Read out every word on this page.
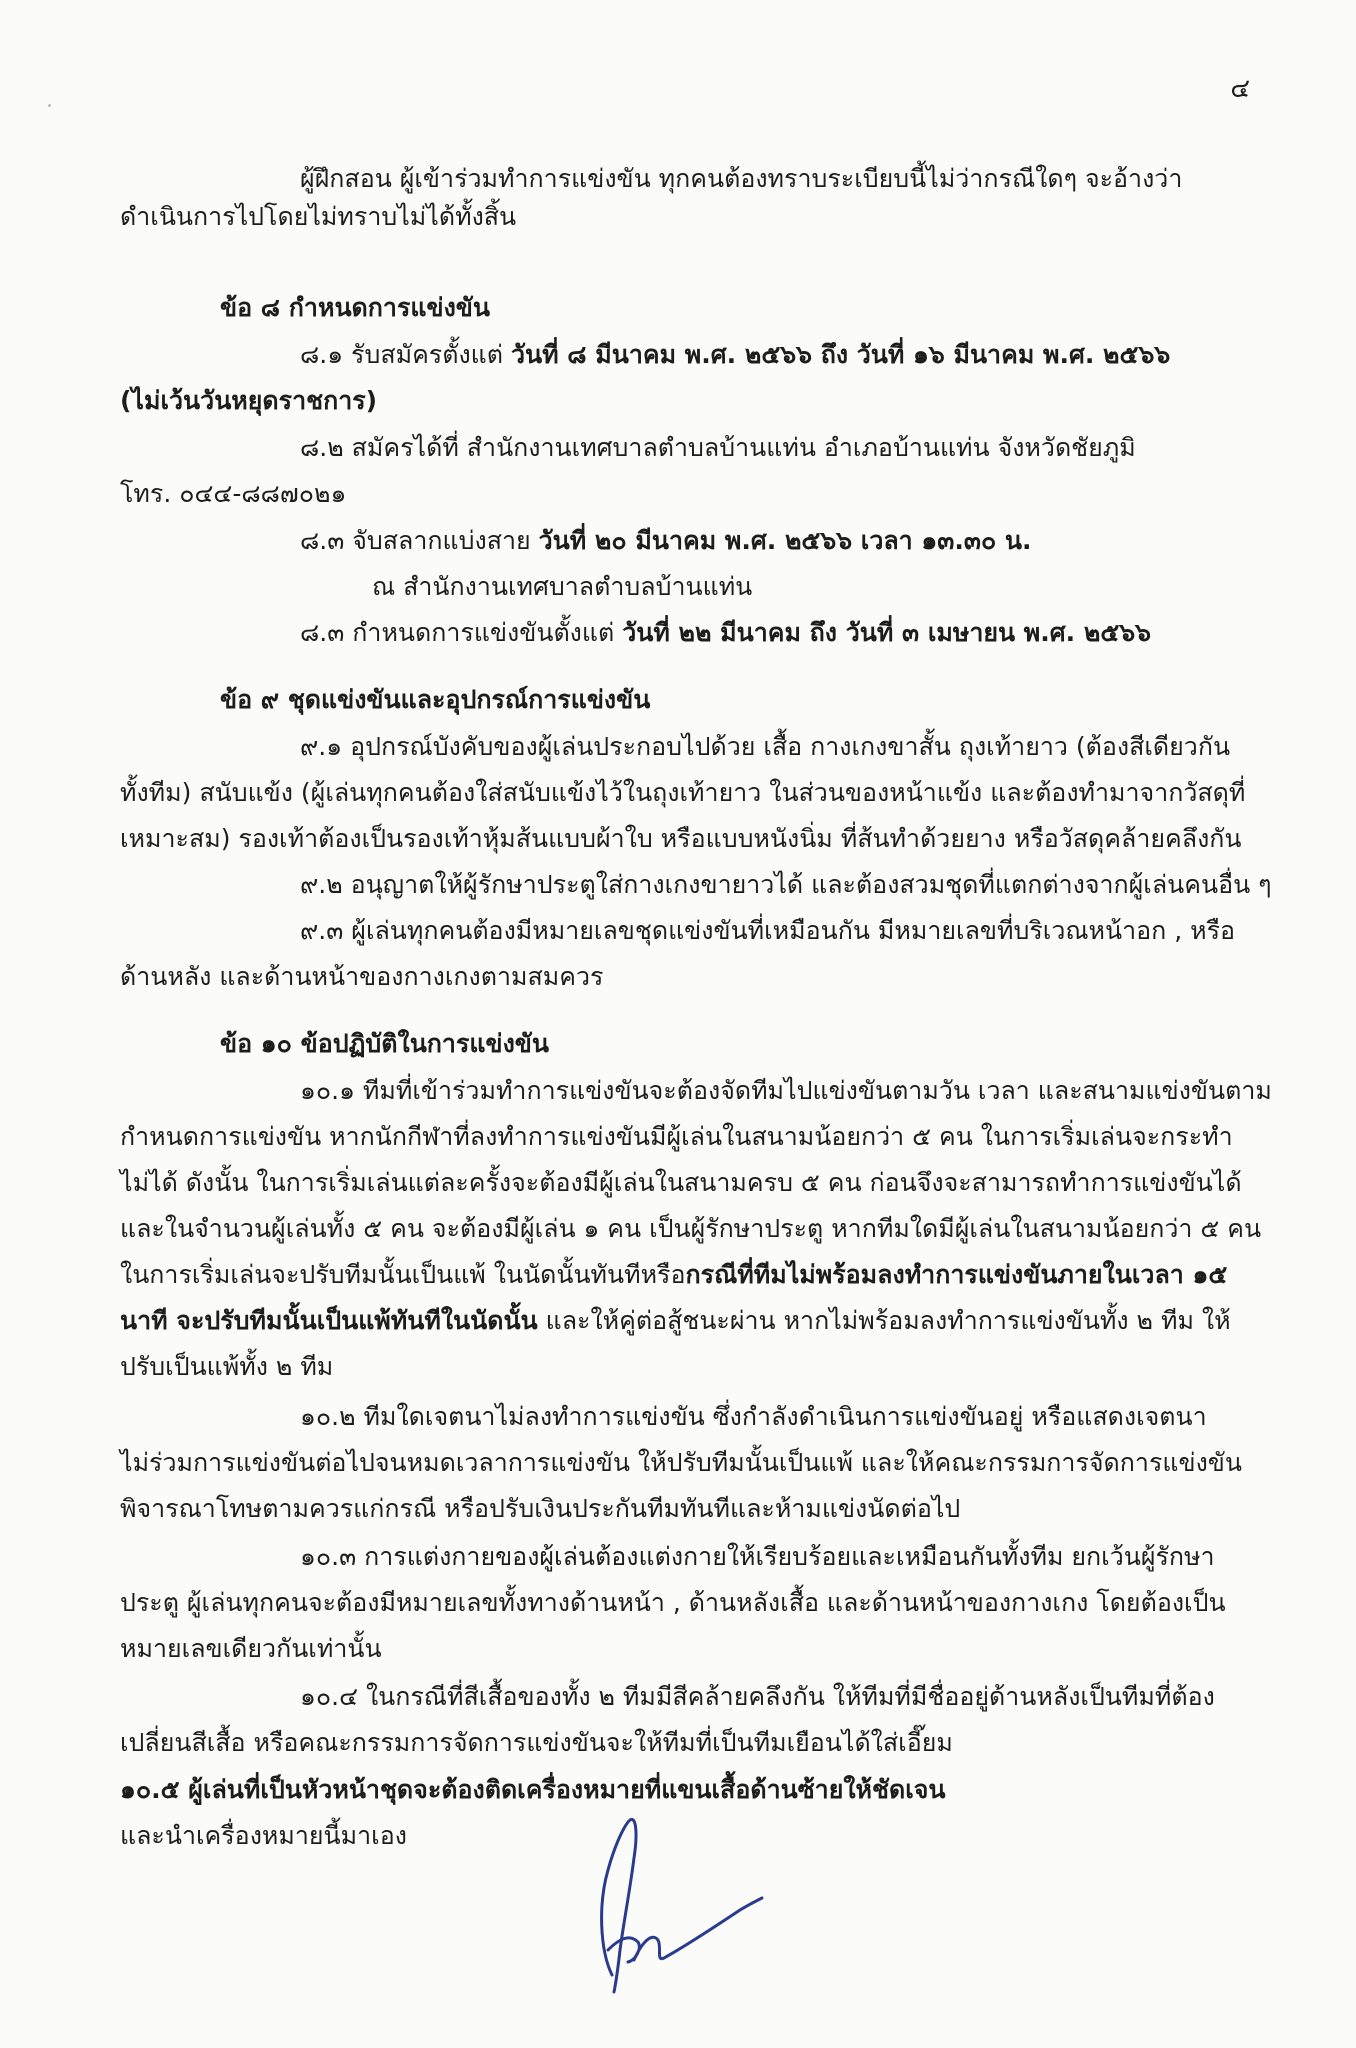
๔
ผู้ฝึกสอน ผู้เข้าร่วมทำการแข่งขัน ทุกคนต้องทราบระเบียบนี้ไม่ว่ากรณีใดๆ จะอ้างว่า
ดำเนินการไปโดยไม่ทราบไม่ได้ทั้งสิ้น
ข้อ ๘ กำหนดการแข่งขัน
๘.๑ รับสมัครตั้งแต่ วันที่ ๘ มีนาคม พ.ศ. ๒๕๖๖ ถึง วันที่ ๑๖ มีนาคม พ.ศ. ๒๕๖๖
(ไม่เว้นวันหยุดราชการ)
๘.๒ สมัครได้ที่ สำนักงานเทศบาลตำบลบ้านแท่น อำเภอบ้านแท่น จังหวัดชัยภูมิ
โทร. ๐๔๔-๘๘๗๐๒๑
๘.๓ จับสลากแบ่งสาย วันที่ ๒๐ มีนาคม พ.ศ. ๒๕๖๖ เวลา ๑๓.๓๐ น.
ณ สำนักงานเทศบาลตำบลบ้านแท่น
๘.๓ กำหนดการแข่งขันตั้งแต่ วันที่ ๒๒ มีนาคม ถึง วันที่ ๓ เมษายน พ.ศ. ๒๕๖๖
ข้อ ๙ ชุดแข่งขันและอุปกรณ์การแข่งขัน
๙.๑ อุปกรณ์บังคับของผู้เล่นประกอบไปด้วย เสื้อ กางเกงขาสั้น ถุงเท้ายาว (ต้องสีเดียวกัน
ทั้งทีม) สนับแข้ง (ผู้เล่นทุกคนต้องใส่สนับแข้งไว้ในถุงเท้ายาว ในส่วนของหน้าแข้ง และต้องทำมาจากวัสดุที่
เหมาะสม) รองเท้าต้องเป็นรองเท้าหุ้มส้นแบบผ้าใบ หรือแบบหนังนิ่ม ที่ส้นทำด้วยยาง หรือวัสดุคล้ายคลึงกัน
๙.๒ อนุญาตให้ผู้รักษาประตูใส่กางเกงขายาวได้ และต้องสวมชุดที่แตกต่างจากผู้เล่นคนอื่น ๆ
๙.๓ ผู้เล่นทุกคนต้องมีหมายเลขชุดแข่งขันที่เหมือนกัน มีหมายเลขที่บริเวณหน้าอก , หรือ
ด้านหลัง และด้านหน้าของกางเกงตามสมควร
ข้อ ๑๐ ข้อปฏิบัติในการแข่งขัน
๑๐.๑ ทีมที่เข้าร่วมทำการแข่งขันจะต้องจัดทีมไปแข่งขันตามวัน เวลา และสนามแข่งขันตาม
กำหนดการแข่งขัน หากนักกีฬาที่ลงทำการแข่งขันมีผู้เล่นในสนามน้อยกว่า ๕ คน ในการเริ่มเล่นจะกระทำ
ไม่ได้ ดังนั้น ในการเริ่มเล่นแต่ละครั้งจะต้องมีผู้เล่นในสนามครบ ๕ คน ก่อนจึงจะสามารถทำการแข่งขันได้
และในจำนวนผู้เล่นทั้ง ๕ คน จะต้องมีผู้เล่น ๑ คน เป็นผู้รักษาประตู หากทีมใดมีผู้เล่นในสนามน้อยกว่า ๕ คน
ในการเริ่มเล่นจะปรับทีมนั้นเป็นแพ้ ในนัดนั้นทันทีหรือกรณีที่ทีมไม่พร้อมลงทำการแข่งขันภายในเวลา ๑๕
นาที จะปรับทีมนั้นเป็นแพ้ทันทีในนัดนั้น และให้คู่ต่อสู้ชนะผ่าน หากไม่พร้อมลงทำการแข่งขันทั้ง ๒ ทีม ให้
ปรับเป็นแพ้ทั้ง ๒ ทีม
๑๐.๒ ทีมใดเจตนาไม่ลงทำการแข่งขัน ซึ่งกำลังดำเนินการแข่งขันอยู่ หรือแสดงเจตนา
ไม่ร่วมการแข่งขันต่อไปจนหมดเวลาการแข่งขัน ให้ปรับทีมนั้นเป็นแพ้ และให้คณะกรรมการจัดการแข่งขัน
พิจารณาโทษตามควรแก่กรณี หรือปรับเงินประกันทีมทันทีและห้ามแข่งนัดต่อไป
๑๐.๓ การแต่งกายของผู้เล่นต้องแต่งกายให้เรียบร้อยและเหมือนกันทั้งทีม ยกเว้นผู้รักษา
ประตู ผู้เล่นทุกคนจะต้องมีหมายเลขทั้งทางด้านหน้า , ด้านหลังเสื้อ และด้านหน้าของกางเกง โดยต้องเป็น
หมายเลขเดียวกันเท่านั้น
๑๐.๔ ในกรณีที่สีเสื้อของทั้ง ๒ ทีมมีสีคล้ายคลึงกัน ให้ทีมที่มีชื่ออยู่ด้านหลังเป็นทีมที่ต้อง
เปลี่ยนสีเสื้อ หรือคณะกรรมการจัดการแข่งขันจะให้ทีมที่เป็นทีมเยือนได้ใส่เอี๊ยม
๑๐.๕ ผู้เล่นที่เป็นหัวหน้าชุดจะต้องติดเครื่องหมายที่แขนเสื้อด้านซ้ายให้ชัดเจน
และนำเครื่องหมายนี้มาเอง
